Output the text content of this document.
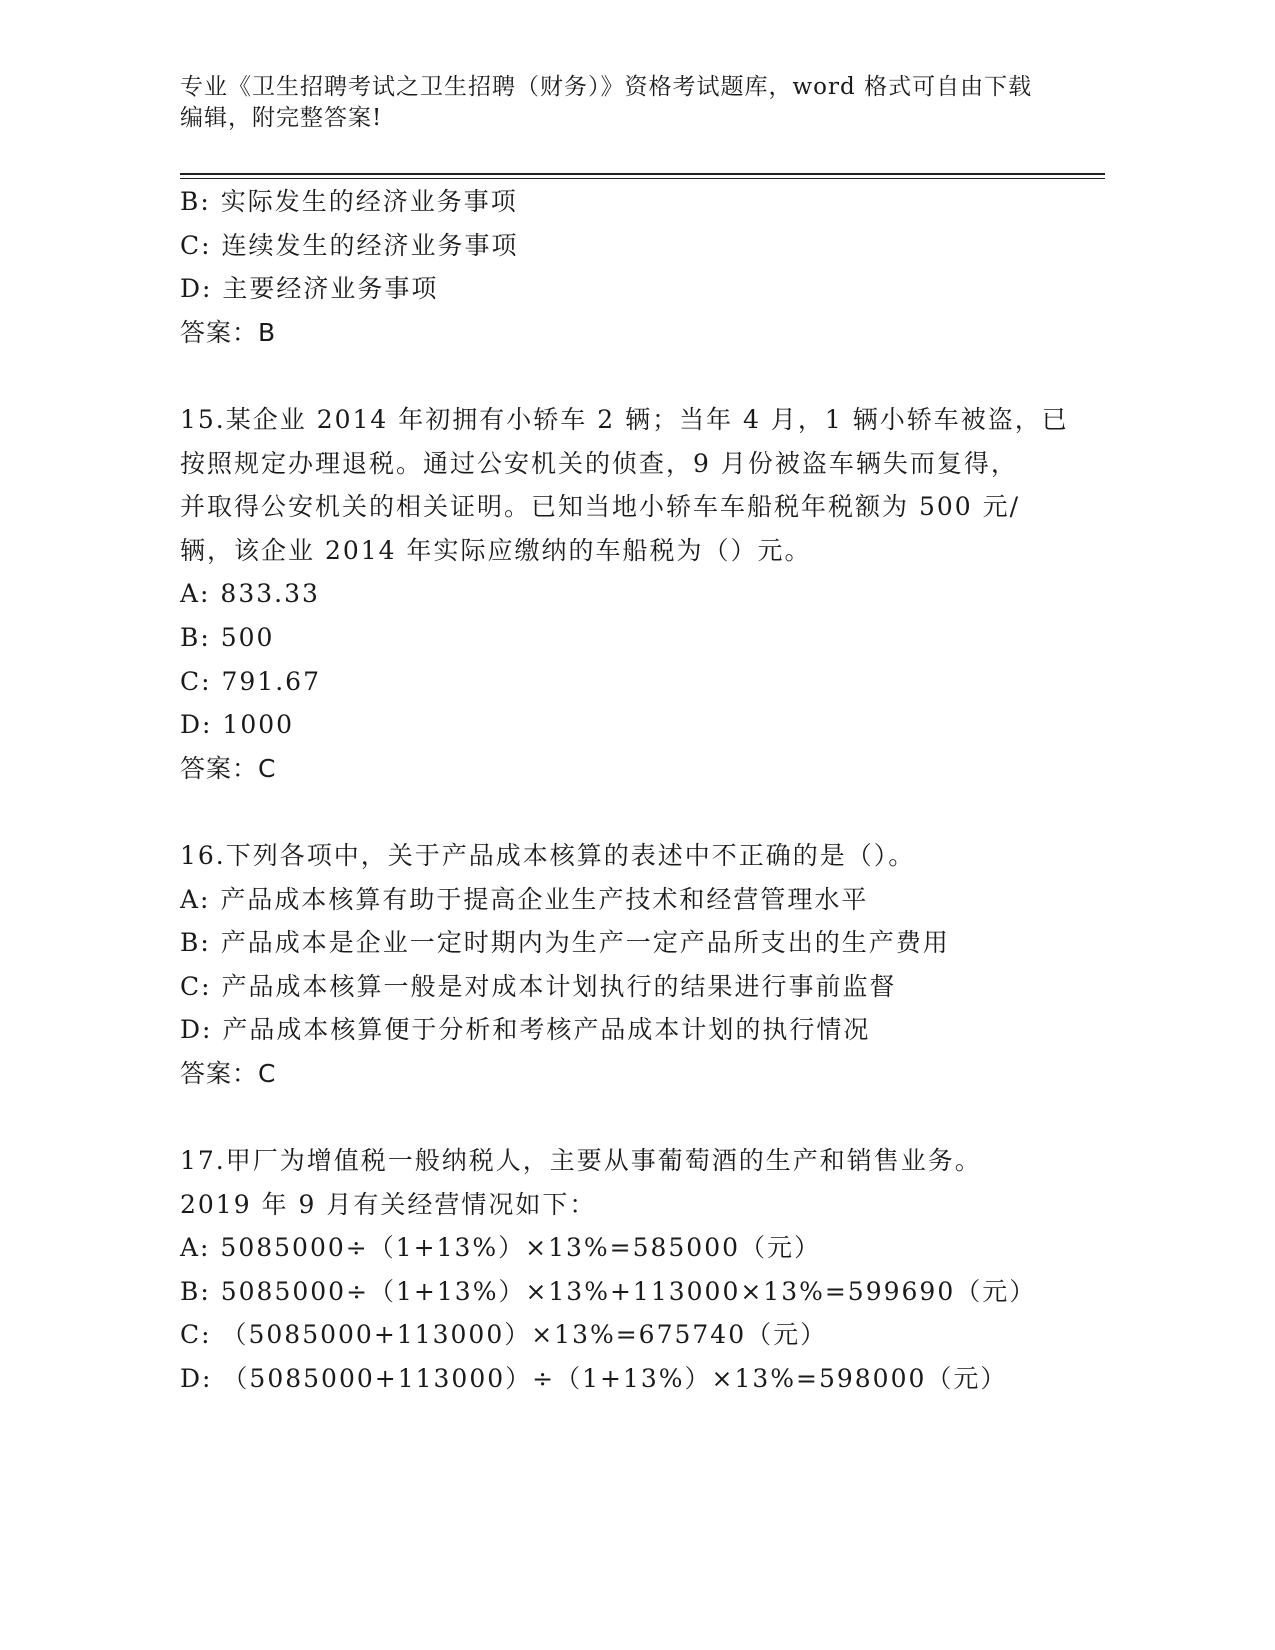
专业《卫生招聘考试之卫生招聘（财务）》资格考试题库，word 格式可自由下载
编辑，附完整答案!
B: 实际发生的经济业务事项
C: 连续发生的经济业务事项
D: 主要经济业务事项
答案：B
15.某企业 2014 年初拥有小轿车 2 辆；当年 4 月，1 辆小轿车被盗，已
按照规定办理退税。通过公安机关的侦查，9 月份被盗车辆失而复得，
并取得公安机关的相关证明。已知当地小轿车车船税年税额为 500 元/
辆，该企业 2014 年实际应缴纳的车船税为（）元。
A: 833.33
B: 500
C: 791.67
D: 1000
答案：C
16.下列各项中，关于产品成本核算的表述中不正确的是（）。
A: 产品成本核算有助于提高企业生产技术和经营管理水平
B: 产品成本是企业一定时期内为生产一定产品所支出的生产费用
C: 产品成本核算一般是对成本计划执行的结果进行事前监督
D: 产品成本核算便于分析和考核产品成本计划的执行情况
答案：C
17.甲厂为增值税一般纳税人，主要从事葡萄酒的生产和销售业务。
2019 年 9 月有关经营情况如下：
A: 5085000÷（1+13%）×13%=585000（元）
B: 5085000÷（1+13%）×13%+113000×13%=599690（元）
C: （5085000+113000）×13%=675740（元）
D: （5085000+113000）÷（1+13%）×13%=598000（元）
